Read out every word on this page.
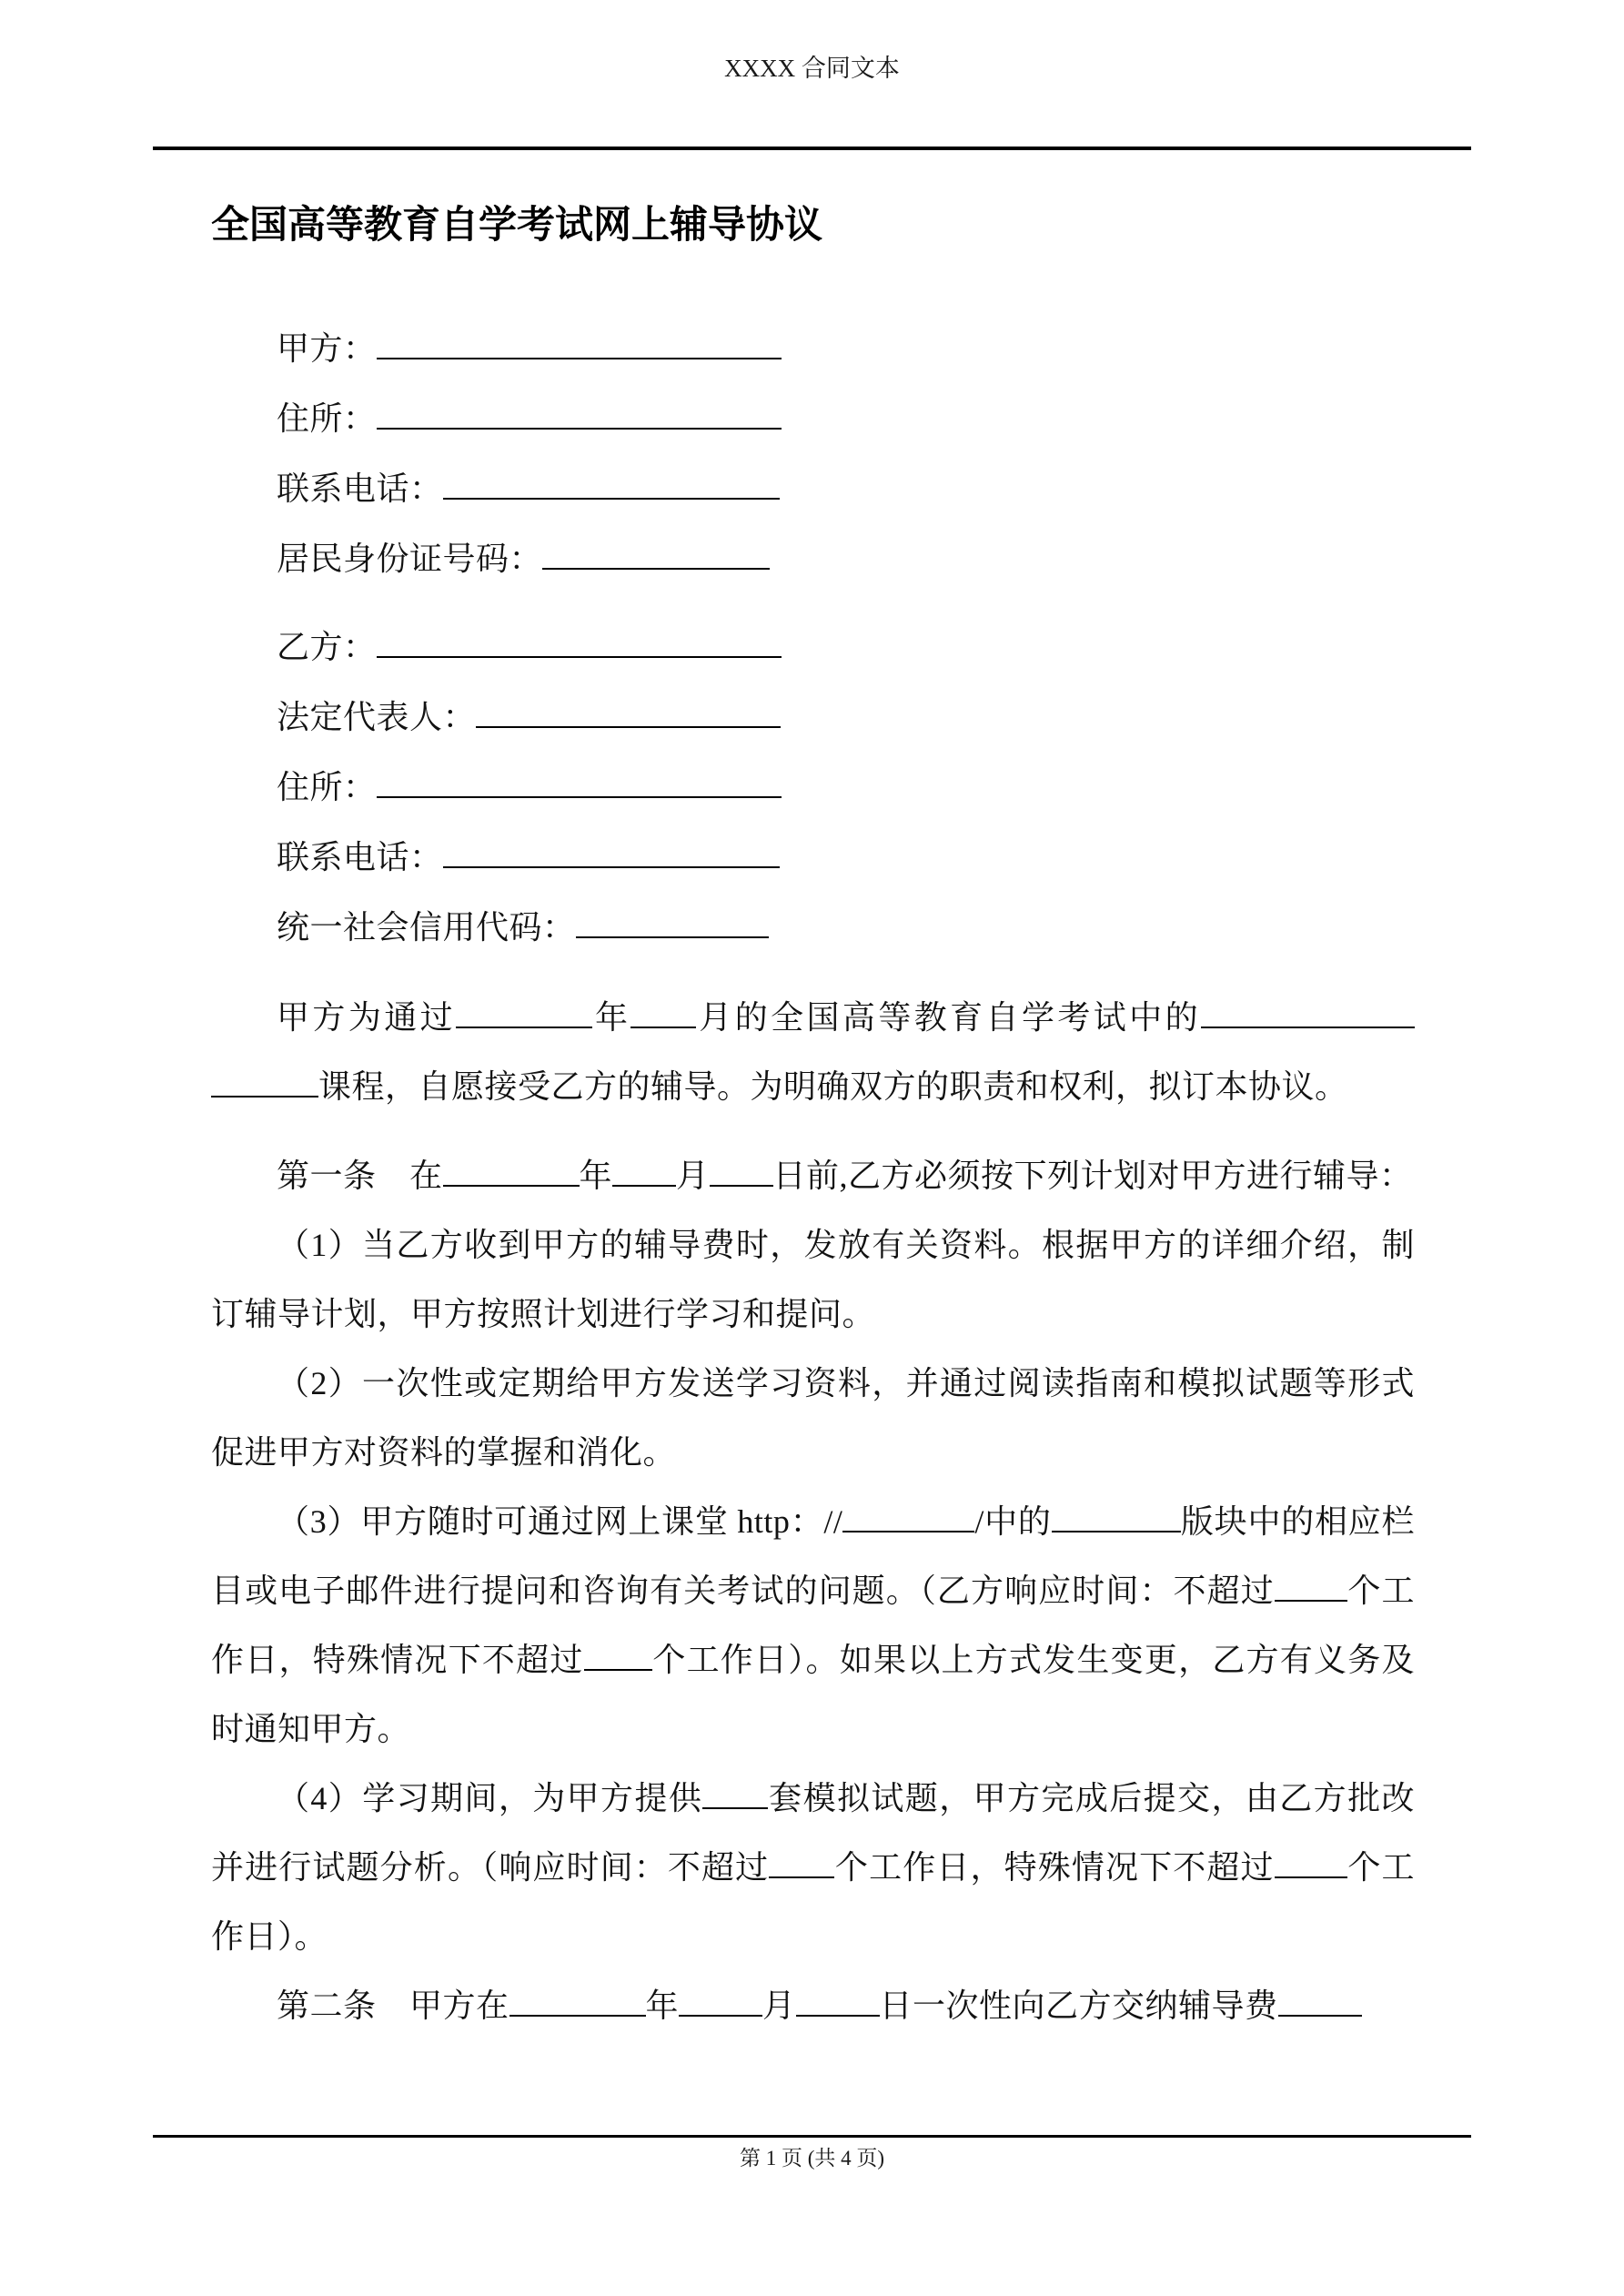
XXXX 合同文本
全国高等教育自学考试网上辅导协议
甲方：
住所：
联系电话：
居民身份证号码：
乙方：
法定代表人：
住所：
联系电话：
统一社会信用代码：

甲方为通过	年 月的全国高等教育自学考试中的课程，自愿接受乙方的辅导。为明确双方的职责和权利，拟订本协议。

第一条　在	年 月 日前,乙方必须按下列计划对甲方进行辅导：

（1）当乙方收到甲方的辅导费时，发放有关资料。根据甲方的详细介绍，制订辅导计划，甲方按照计划进行学习和提问。

（2）一次性或定期给甲方发送学习资料，并通过阅读指南和模拟试题等形式促进甲方对资料的掌握和消化。

（3）甲方随时可通过网上课堂 http：//	/中的	版块中的相应栏目或电子邮件进行提问和咨询有关考试的问题。（乙方响应时间：不超过 个工作日，特殊情况下不超过 个工作日）。如果以上方式发生变更，乙方有义务及时通知甲方。

（4）学习期间，为甲方提供 套模拟试题，甲方完成后提交，由乙方批改并进行试题分析。（响应时间：不超过 个工作日，特殊情况下不超过 个工作日）。

第二条　甲方在	年	月	日一次性向乙方交纳辅导费

第 1 页 (共 4 页)
